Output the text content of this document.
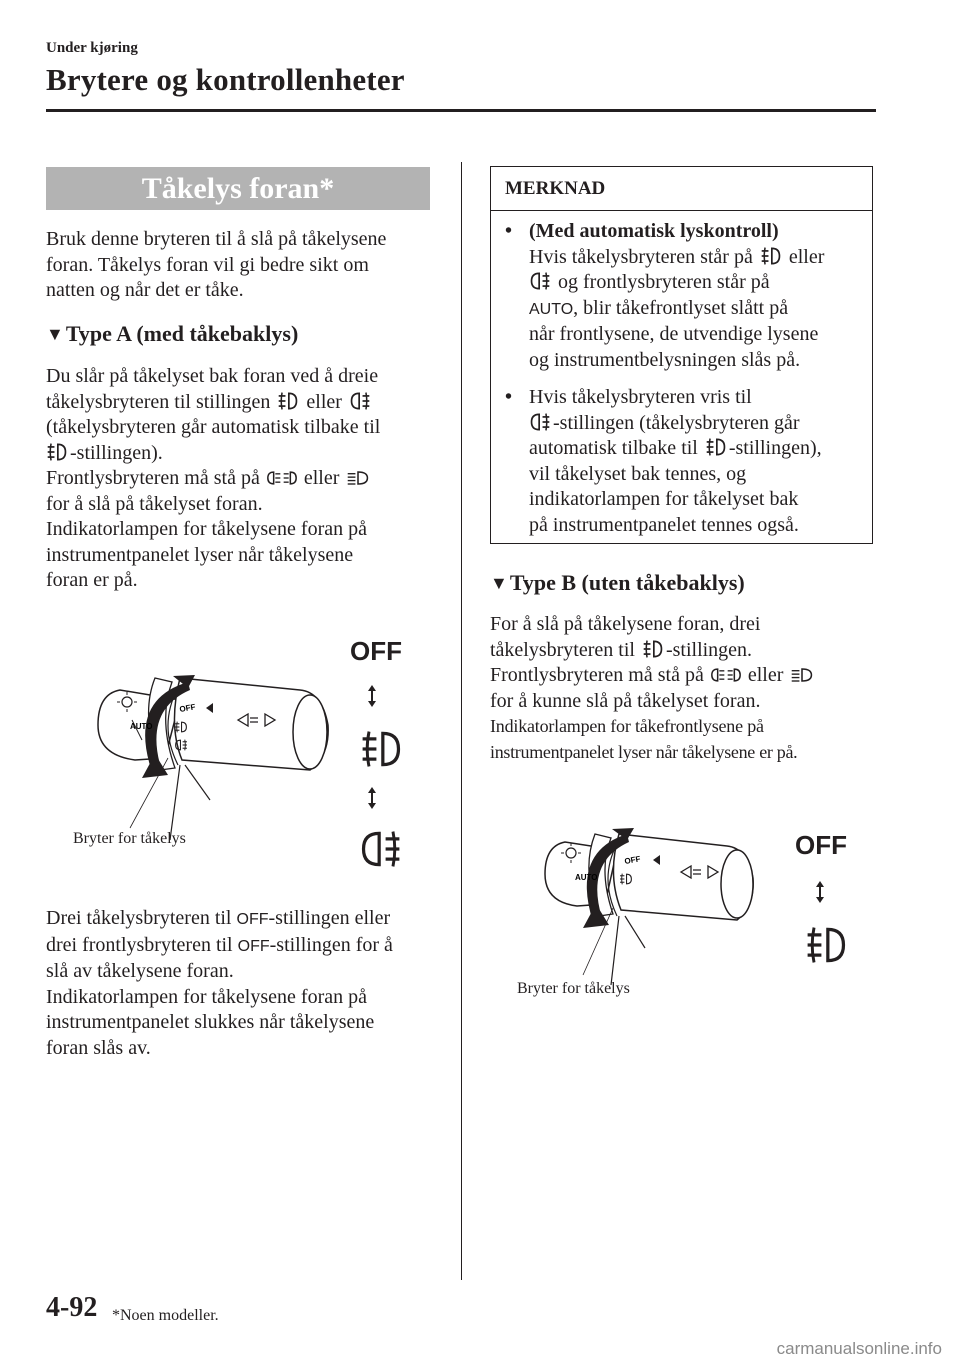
Under kjøring
Brytere og kontrollenheter
Tåkelys foran*

Bruk denne bryteren til å slå på tåkelysene

foran. Tåkelys foran vil gi bedre sikt om

natten og når det er tåke.

▼Type A (med tåkebaklys)

Du slår på tåkelyset bak foran ved å dreie

tåkelysbryteren til stillingen eller

(tåkelysbryteren går automatisk tilbake til

-stillingen).

Frontlysbryteren må stå på eller

for å slå på tåkelyset foran.

Indikatorlampen for tåkelysene foran på

instrumentpanelet lyser når tåkelysene

foran er på.

OFF
AUTO
OFF
Bryter for tåkelys

Drei tåkelysbryteren til OFF-stillingen eller

drei frontlysbryteren til OFF-stillingen for å

slå av tåkelysene foran.

Indikatorlampen for tåkelysene foran på

instrumentpanelet slukkes når tåkelysene

foran slås av.

MERKNAD
• (Med automatisk lyskontroll)
Hvis tåkelysbryteren står på eller
og frontlysbryteren står på
AUTO, blir tåkefrontlyset slått på
når frontlysene, de utvendige lysene
og instrumentbelysningen slås på.
• Hvis tåkelysbryteren vris til
-stillingen (tåkelysbryteren går
automatisk tilbake til -stillingen),
vil tåkelyset bak tennes, og
indikatorlampen for tåkelyset bak
på instrumentpanelet tennes også.
▼Type B (uten tåkebaklys)

For å slå på tåkelysene foran, drei

tåkelysbryteren til -stillingen.

Frontlysbryteren må stå på eller

for å kunne slå på tåkelyset foran.

Indikatorlampen for tåkefrontlysene på

instrumentpanelet lyser når tåkelysene er på.

OFF
AUTO
OFF
Bryter for tåkelys
4-92 *Noen modeller.
carmanualsonline.info
